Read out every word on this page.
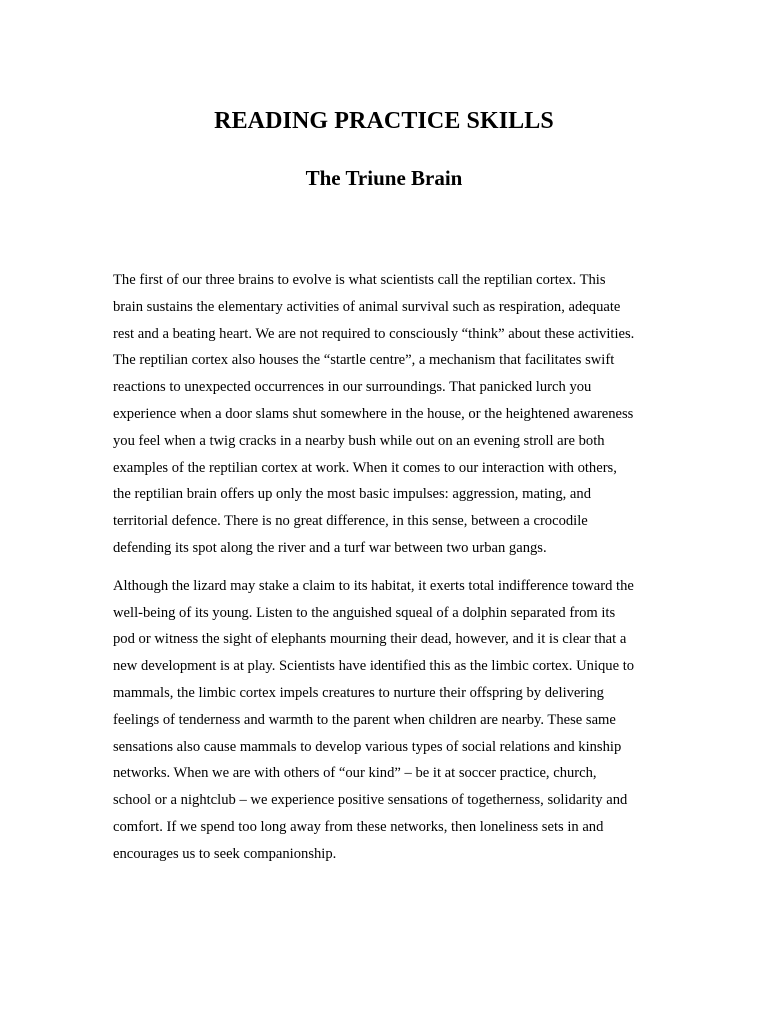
READING PRACTICE SKILLS
The Triune Brain

The first of our three brains to evolve is what scientists call the reptilian cortex. This
brain sustains the elementary activities of animal survival such as respiration, adequate
rest and a beating heart. We are not required to consciously “think” about these activities.
The reptilian cortex also houses the “startle centre”, a mechanism that facilitates swift
reactions to unexpected occurrences in our surroundings. That panicked lurch you
experience when a door slams shut somewhere in the house, or the heightened awareness
you feel when a twig cracks in a nearby bush while out on an evening stroll are both
examples of the reptilian cortex at work. When it comes to our interaction with others,
the reptilian brain offers up only the most basic impulses: aggression, mating, and
territorial defence. There is no great difference, in this sense, between a crocodile
defending its spot along the river and a turf war between two urban gangs.

Although the lizard may stake a claim to its habitat, it exerts total indifference toward the
well-being of its young. Listen to the anguished squeal of a dolphin separated from its
pod or witness the sight of elephants mourning their dead, however, and it is clear that a
new development is at play. Scientists have identified this as the limbic cortex. Unique to
mammals, the limbic cortex impels creatures to nurture their offspring by delivering
feelings of tenderness and warmth to the parent when children are nearby. These same
sensations also cause mammals to develop various types of social relations and kinship
networks. When we are with others of “our kind” – be it at soccer practice, church,
school or a nightclub – we experience positive sensations of togetherness, solidarity and
comfort. If we spend too long away from these networks, then loneliness sets in and
encourages us to seek companionship.
